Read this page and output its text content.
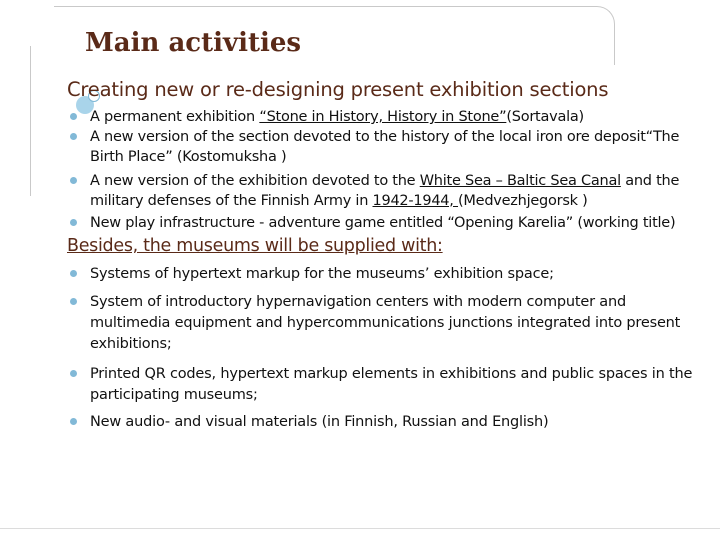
Main activities
Creating new or re-designing present exhibition sections
A permanent exhibition “Stone in History, History in Stone”(Sortavala)
A new version of the section devoted to the history of the local iron ore deposit“The Birth Place” (Kostomuksha )
A new version of the exhibition devoted to the White Sea – Baltic Sea Canal and the military defenses of the Finnish Army in 1942-1944, (Medvezhjegorsk )
New play infrastructure - adventure game entitled “Opening Karelia” (working title)
Besides, the museums will be supplied with:
Systems of hypertext markup for the museums’ exhibition space;
System of introductory hypernavigation centers with modern computer and multimedia equipment and hypercommunications junctions integrated into present exhibitions;
Printed QR codes, hypertext markup elements in exhibitions and public spaces in the participating museums;
New audio- and visual materials (in Finnish, Russian and English)
